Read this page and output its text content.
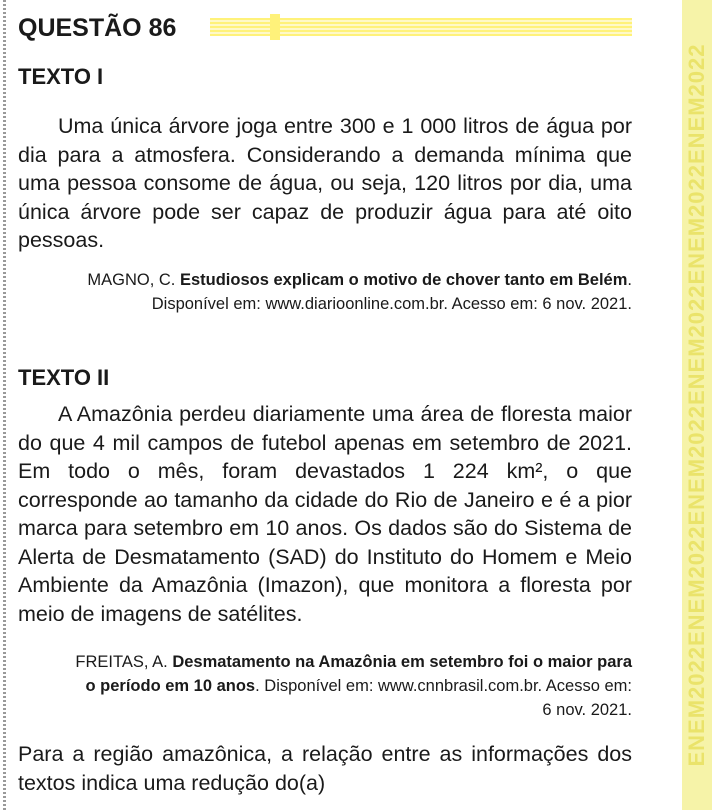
ENEM2022ENEM2022ENEM2022ENEM2022ENEM2022ENEM2022
QUESTÃO 86
TEXTO I

Uma única árvore joga entre 300 e 1 000 litros de água por dia para a atmosfera. Considerando a demanda mínima que uma pessoa consome de água, ou seja, 120 litros por dia, uma única árvore pode ser capaz de produzir água para até oito pessoas.

MAGNO, C. Estudiosos explicam o motivo de chover tanto em Belém. Disponível em: www.diarioonline.com.br. Acesso em: 6 nov. 2021.

TEXTO II

A Amazônia perdeu diariamente uma área de floresta maior do que 4 mil campos de futebol apenas em setembro de 2021. Em todo o mês, foram devastados 1 224 km², o que corresponde ao tamanho da cidade do Rio de Janeiro e é a pior marca para setembro em 10 anos. Os dados são do Sistema de Alerta de Desmatamento (SAD) do Instituto do Homem e Meio Ambiente da Amazônia (Imazon), que monitora a floresta por meio de imagens de satélites.

FREITAS, A. Desmatamento na Amazônia em setembro foi o maior para o período em 10 anos. Disponível em: www.cnnbrasil.com.br. Acesso em: 6 nov. 2021.

Para a região amazônica, a relação entre as informações dos textos indica uma redução do(a)
